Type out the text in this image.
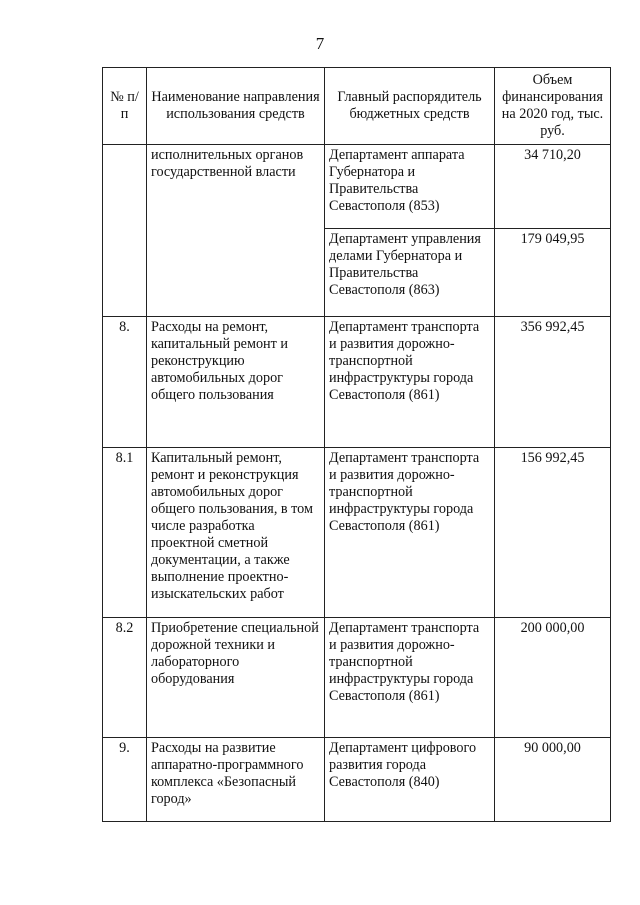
7
№ п/п	Наименование направления использования средств	Главный распорядитель бюджетных средств	Объем финансирования на 2020 год, тыс. руб.
	исполнительных органов государственной власти	Департамент аппарата Губернатора и Правительства Севастополя (853)	34 710,20
		Департамент управления делами Губернатора и Правительства Севастополя (863)	179 049,95
8.	Расходы на ремонт, капитальный ремонт и реконструкцию автомобильных дорог общего пользования	Департамент транспорта и развития дорожно-транспортной инфраструктуры города Севастополя (861)	356 992,45
8.1	Капитальный ремонт, ремонт и реконструкция автомобильных дорог общего пользования, в том числе разработка проектной сметной документации, а также выполнение проектно-изыскательских работ	Департамент транспорта и развития дорожно-транспортной инфраструктуры города Севастополя (861)	156 992,45
8.2	Приобретение специальной дорожной техники и лабораторного оборудования	Департамент транспорта и развития дорожно-транспортной инфраструктуры города Севастополя (861)	200 000,00
9.	Расходы на развитие аппаратно-программного комплекса «Безопасный город»	Департамент цифрового развития города Севастополя (840)	90 000,00
